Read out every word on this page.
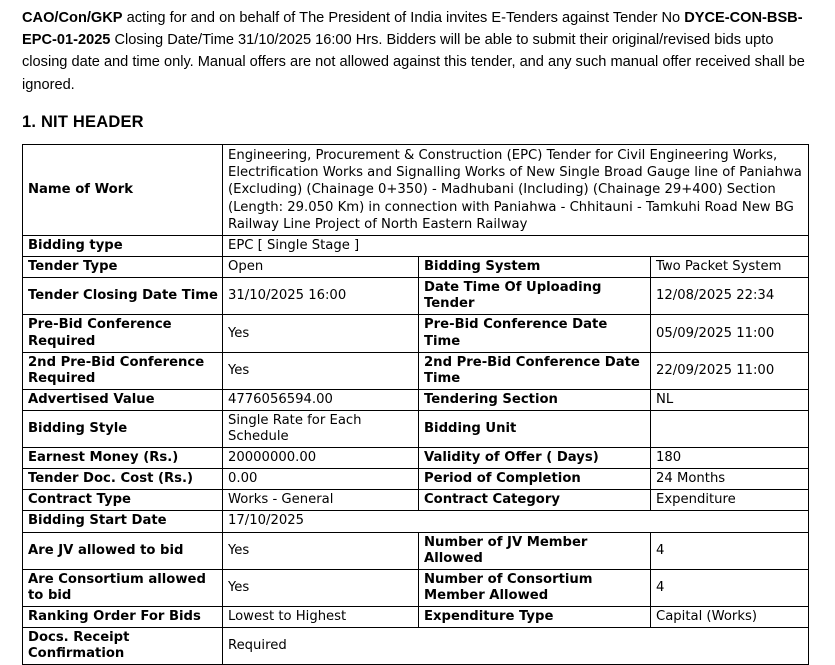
CAO/Con/GKP acting for and on behalf of The President of India invites E-Tenders against Tender No DYCE-CON-BSB-EPC-01-2025 Closing Date/Time 31/10/2025 16:00 Hrs. Bidders will be able to submit their original/revised bids upto closing date and time only. Manual offers are not allowed against this tender, and any such manual offer received shall be ignored.

1. NIT HEADER
Name of Work	Engineering, Procurement & Construction (EPC) Tender for Civil Engineering Works, Electrification Works and Signalling Works of New Single Broad Gauge line of Paniahwa (Excluding) (Chainage 0+350) - Madhubani (Including) (Chainage 29+400) Section (Length: 29.050 Km) in connection with Paniahwa - Chhitauni - Tamkuhi Road New BG Railway Line Project of North Eastern Railway		
Bidding type	EPC [ Single Stage ]		
Tender Type	Open	Bidding System	Two Packet System
Tender Closing Date Time	31/10/2025 16:00	Date Time Of Uploading Tender	12/08/2025 22:34
Pre-Bid Conference Required	Yes	Pre-Bid Conference Date Time	05/09/2025 11:00
2nd Pre-Bid Conference Required	Yes	2nd Pre-Bid Conference Date Time	22/09/2025 11:00
Advertised Value	4776056594.00	Tendering Section	NL
Bidding Style	Single Rate for Each Schedule	Bidding Unit	
Earnest Money (Rs.)	20000000.00	Validity of Offer ( Days)	180
Tender Doc. Cost (Rs.)	0.00	Period of Completion	24 Months
Contract Type	Works - General	Contract Category	Expenditure
Bidding Start Date	17/10/2025		
Are JV allowed to bid	Yes	Number of JV Member Allowed	4
Are Consortium allowed to bid	Yes	Number of Consortium Member Allowed	4
Ranking Order For Bids	Lowest to Highest	Expenditure Type	Capital (Works)
Docs. Receipt Confirmation	Required		
